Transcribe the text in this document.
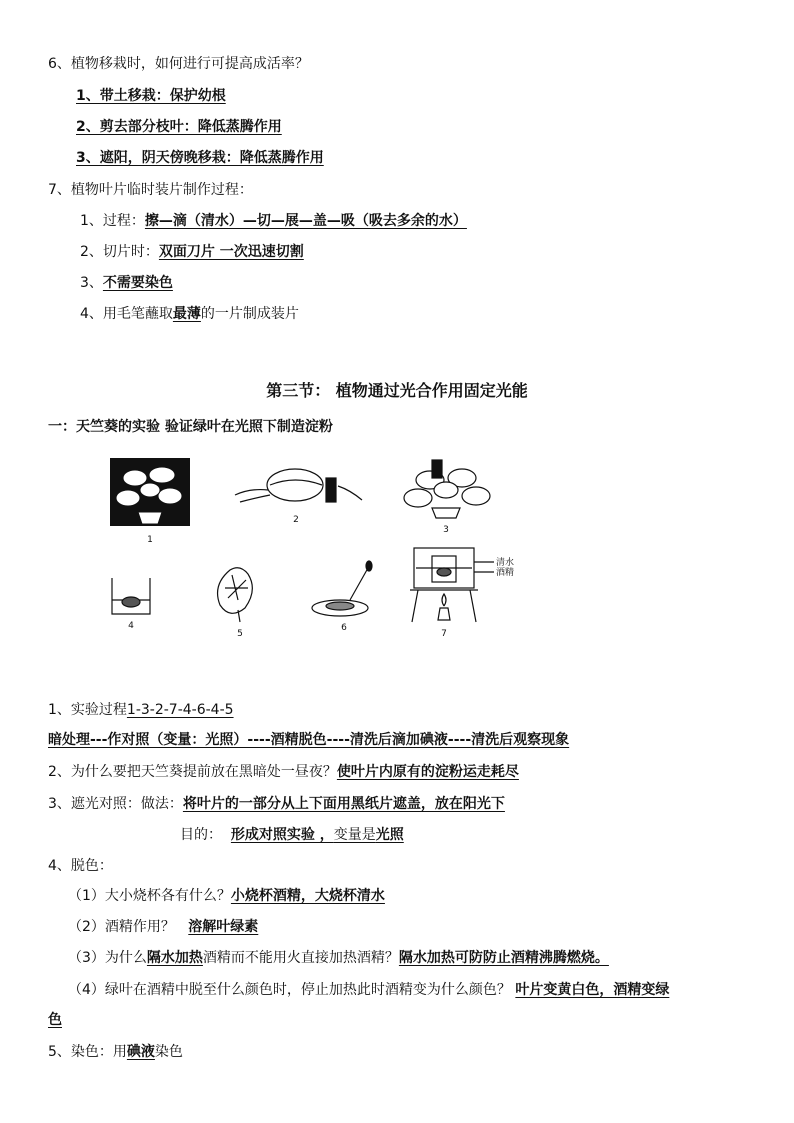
6、植物移栽时，如何进行可提高成活率？
1、带土移栽：保护幼根
2、剪去部分枝叶：降低蒸腾作用
3、遮阳，阴天傍晚移栽：降低蒸腾作用
7、植物叶片临时装片制作过程：
1、过程：擦—滴（清水）—切—展—盖—吸（吸去多余的水）
2、切片时：双面刀片 一次迅速切割
3、不需要染色
4、用毛笔蘸取最薄的一片制成装片
第三节： 植物通过光合作用固定光能
一：天竺葵的实验 验证绿叶在光照下制造淀粉
1
2
3
4
5
6
清水
酒精
7
1、实验过程1-3-2-7-4-6-4-5
暗处理---作对照（变量：光照）----酒精脱色----清洗后滴加碘液----清洗后观察现象
2、为什么要把天竺葵提前放在黑暗处一昼夜？使叶片内原有的淀粉运走耗尽
3、遮光对照：做法：将叶片的一部分从上下面用黑纸片遮盖，放在阳光下
目的： 形成对照实验 ，变量是光照
4、脱色：
（1）大小烧杯各有什么？小烧杯酒精，大烧杯清水
（2）酒精作用？ 溶解叶绿素
（3）为什么隔水加热酒精而不能用火直接加热酒精？隔水加热可防防止酒精沸腾燃烧。
（4）绿叶在酒精中脱至什么颜色时，停止加热此时酒精变为什么颜色？ 叶片变黄白色，酒精变绿
色
5、染色：用碘液染色
